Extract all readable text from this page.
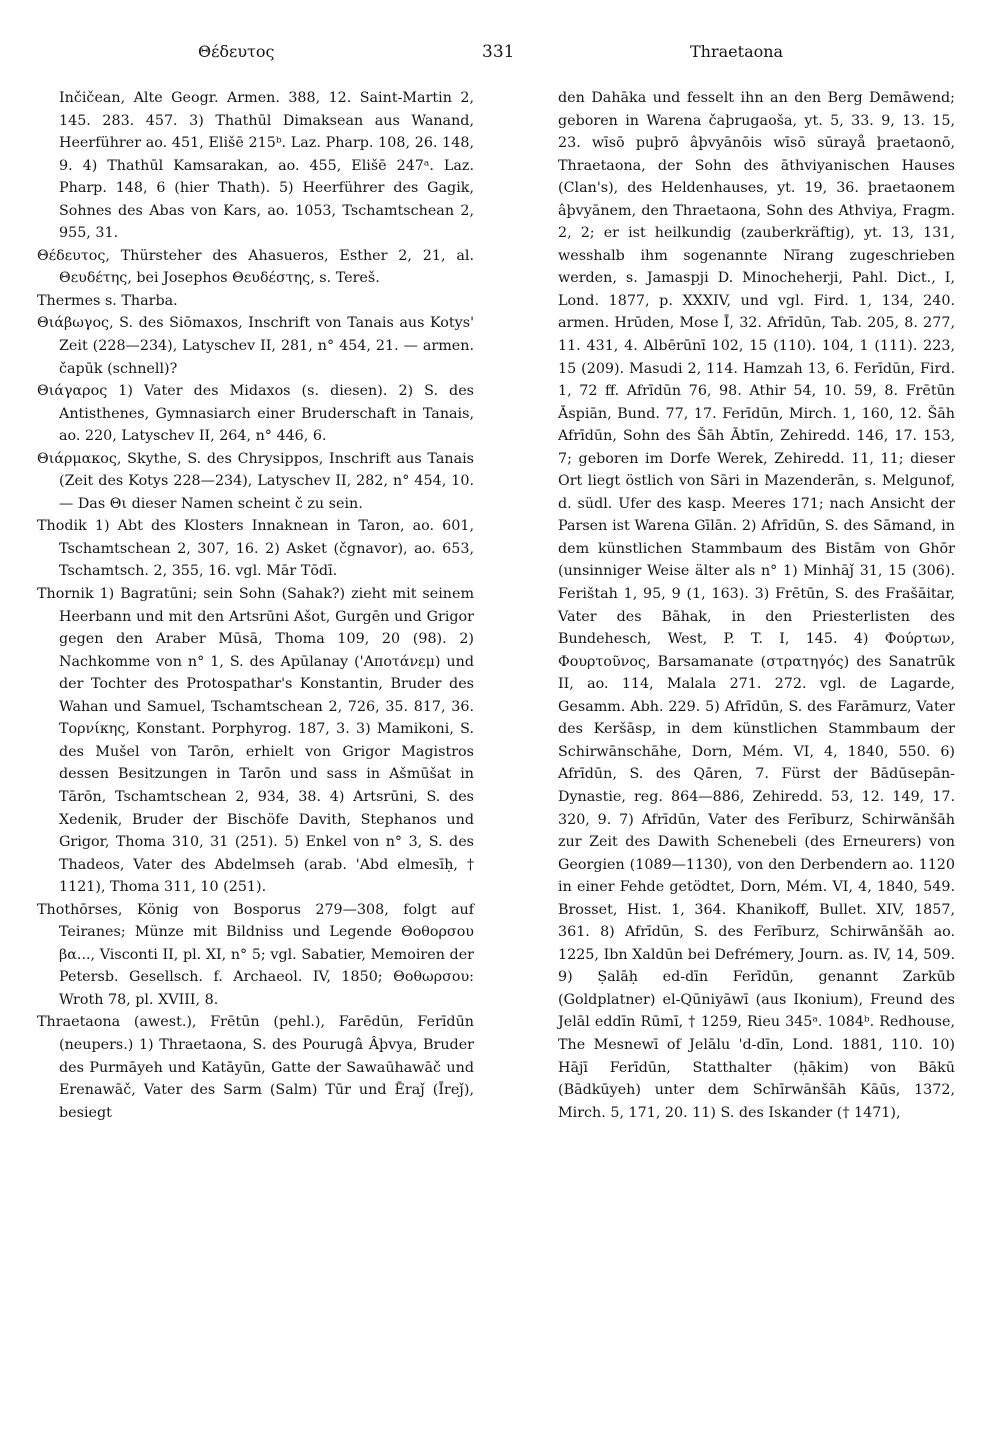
Θέδευτος	331	Thraetaona

Inčičean, Alte Geogr. Armen. 388, 12. Saint-Martin 2, 145. 283. 457. 3) Thathūl Dimaksean aus Wanand, Heerführer ao. 451, Elišē 215ᵇ. Laz. Pharp. 108, 26. 148, 9. 4) Thathūl Kamsarakan, ao. 455, Elišē 247ᵃ. Laz. Pharp. 148, 6 (hier Thath). 5) Heerführer des Gagik, Sohnes des Abas von Kars, ao. 1053, Tschamtschean 2, 955, 31.

Θέδευτος, Thürsteher des Ahasueros, Esther 2, 21, al. Θευδέτης, bei Josephos Θευδέστης, s. Tereš.

Thermes s. Tharba.

Θιάβωγος, S. des Siōmaxos, Inschrift von Tanais aus Kotys' Zeit (228—234), Latyschev II, 281, n° 454, 21. — armen. čapūk (schnell)?

Θιάγαρος 1) Vater des Midaxos (s. diesen). 2) S. des Antisthenes, Gymnasiarch einer Bruderschaft in Tanais, ao. 220, Latyschev II, 264, n° 446, 6.

Θιάρμακος, Skythe, S. des Chrysippos, Inschrift aus Tanais (Zeit des Kotys 228—234), Latyschev II, 282, n° 454, 10. — Das Θι dieser Namen scheint č zu sein.

Thodik 1) Abt des Klosters Innaknean in Taron, ao. 601, Tschamtschean 2, 307, 16. 2) Asket (čgnavor), ao. 653, Tschamtsch. 2, 355, 16. vgl. Mār Tōdī.

Thornik 1) Bagratūni; sein Sohn (Sahak?) zieht mit seinem Heerbann und mit den Artsrūni Ašot, Gurgēn und Grigor gegen den Araber Mūsā, Thoma 109, 20 (98). 2) Nachkomme von n° 1, S. des Apūlanay ('Αποτάνεμ) und der Tochter des Protospathar's Konstantin, Bruder des Wahan und Samuel, Tschamtschean 2, 726, 35. 817, 36. Τορνίκης, Konstant. Porphyrog. 187, 3. 3) Mamikoni, S. des Mušel von Tarōn, erhielt von Grigor Magistros dessen Besitzungen in Tarōn und sass in Ašmūšat in Tārōn, Tschamtschean 2, 934, 38. 4) Artsrūni, S. des Xedenik, Bruder der Bischöfe Davith, Stephanos und Grigor, Thoma 310, 31 (251). 5) Enkel von n° 3, S. des Thadeos, Vater des Abdelmseh (arab. 'Abd elmesīḥ, † 1121), Thoma 311, 10 (251).

Thothōrses, König von Bosporus 279—308, folgt auf Teiranes; Münze mit Bildniss und Legende Θοθορσου βα..., Visconti II, pl. XI, n° 5; vgl. Sabatier, Memoiren der Petersb. Gesellsch. f. Archaeol. IV, 1850; Θοθωρσου: Wroth 78, pl. XVIII, 8.

Thraetaona (awest.), Frētūn (pehl.), Farēdūn, Ferīdūn (neupers.) 1) Thraetaona, S. des Pourugâ Âþvya, Bruder des Purmāyeh und Katāyūn, Gatte der Sawaūhawāč und Erenawāč, Vater des Sarm (Salm) Tūr und Ēraǰ (Īreǰ), besiegt

den Dahāka und fesselt ihn an den Berg Demāwend; geboren in Warena čaþrugaoša, yt. 5, 33. 9, 13. 15, 23. wīsō puþrō âþvyānōis wīsō sūrayå þraetaonō, Thraetaona, der Sohn des āthviyanischen Hauses (Clan's), des Heldenhauses, yt. 19, 36. þraetaonem âþvyānem, den Thraetaona, Sohn des Athviya, Fragm. 2, 2; er ist heilkundig (zauberkräftig), yt. 13, 131, wesshalb ihm sogenannte Nīrang zugeschrieben werden, s. Jamaspji D. Minocheherji, Pahl. Dict., I, Lond. 1877, p. XXXIV, und vgl. Fird. 1, 134, 240. armen. Hrūden, Mose Ī, 32. Afrīdūn, Tab. 205, 8. 277, 11. 431, 4. Albērūnī 102, 15 (110). 104, 1 (111). 223, 15 (209). Masudi 2, 114. Hamzah 13, 6. Ferīdūn, Fird. 1, 72 ff. Afrīdūn 76, 98. Athir 54, 10. 59, 8. Frētūn Āspiān, Bund. 77, 17. Ferīdūn, Mirch. 1, 160, 12. Šāh Afrīdūn, Sohn des Šāh Ābtīn, Zehiredd. 146, 17. 153, 7; geboren im Dorfe Werek, Zehiredd. 11, 11; dieser Ort liegt östlich von Sāri in Mazenderān, s. Melgunof, d. südl. Ufer des kasp. Meeres 171; nach Ansicht der Parsen ist Warena Gīlān. 2) Afrīdūn, S. des Sāmand, in dem künstlichen Stammbaum des Bistām von Ghōr (unsinniger Weise älter als n° 1) Minhāǰ 31, 15 (306). Ferištah 1, 95, 9 (1, 163). 3) Frētūn, S. des Frašāitar, Vater des Bāhak, in den Priesterlisten des Bundehesch, West, P. T. I, 145. 4) Φούρτων, Φουρτοῦνος, Barsamanate (στρατηγός) des Sanatrūk II, ao. 114, Malala 271. 272. vgl. de Lagarde, Gesamm. Abh. 229. 5) Afrīdūn, S. des Farāmurz, Vater des Keršāsp, in dem künstlichen Stammbaum der Schirwānschāhe, Dorn, Mém. VI, 4, 1840, 550. 6) Afrīdūn, S. des Qāren, 7. Fürst der Bādūsepān-Dynastie, reg. 864—886, Zehiredd. 53, 12. 149, 17. 320, 9. 7) Afrīdūn, Vater des Ferīburz, Schirwānšāh zur Zeit des Dawith Schenebeli (des Erneurers) von Georgien (1089—1130), von den Derbendern ao. 1120 in einer Fehde getödtet, Dorn, Mém. VI, 4, 1840, 549. Brosset, Hist. 1, 364. Khanikoff, Bullet. XIV, 1857, 361. 8) Afrīdūn, S. des Ferīburz, Schirwānšāh ao. 1225, Ibn Xaldūn bei Defrémery, Journ. as. IV, 14, 509. 9) Ṣalāḥ ed-dīn Ferīdūn, genannt Zarkūb (Goldplatner) el-Qūniyāwī (aus Ikonium), Freund des Jelāl eddīn Rūmī, † 1259, Rieu 345ᵃ. 1084ᵇ. Redhouse, The Mesnewī of Jelālu 'd-dīn, Lond. 1881, 110. 10) Hājī Ferīdūn, Statthalter (ḥākim) von Bākū (Bādkūyeh) unter dem Schīrwānšāh Kāūs, 1372, Mirch. 5, 171, 20. 11) S. des Iskander († 1471),
